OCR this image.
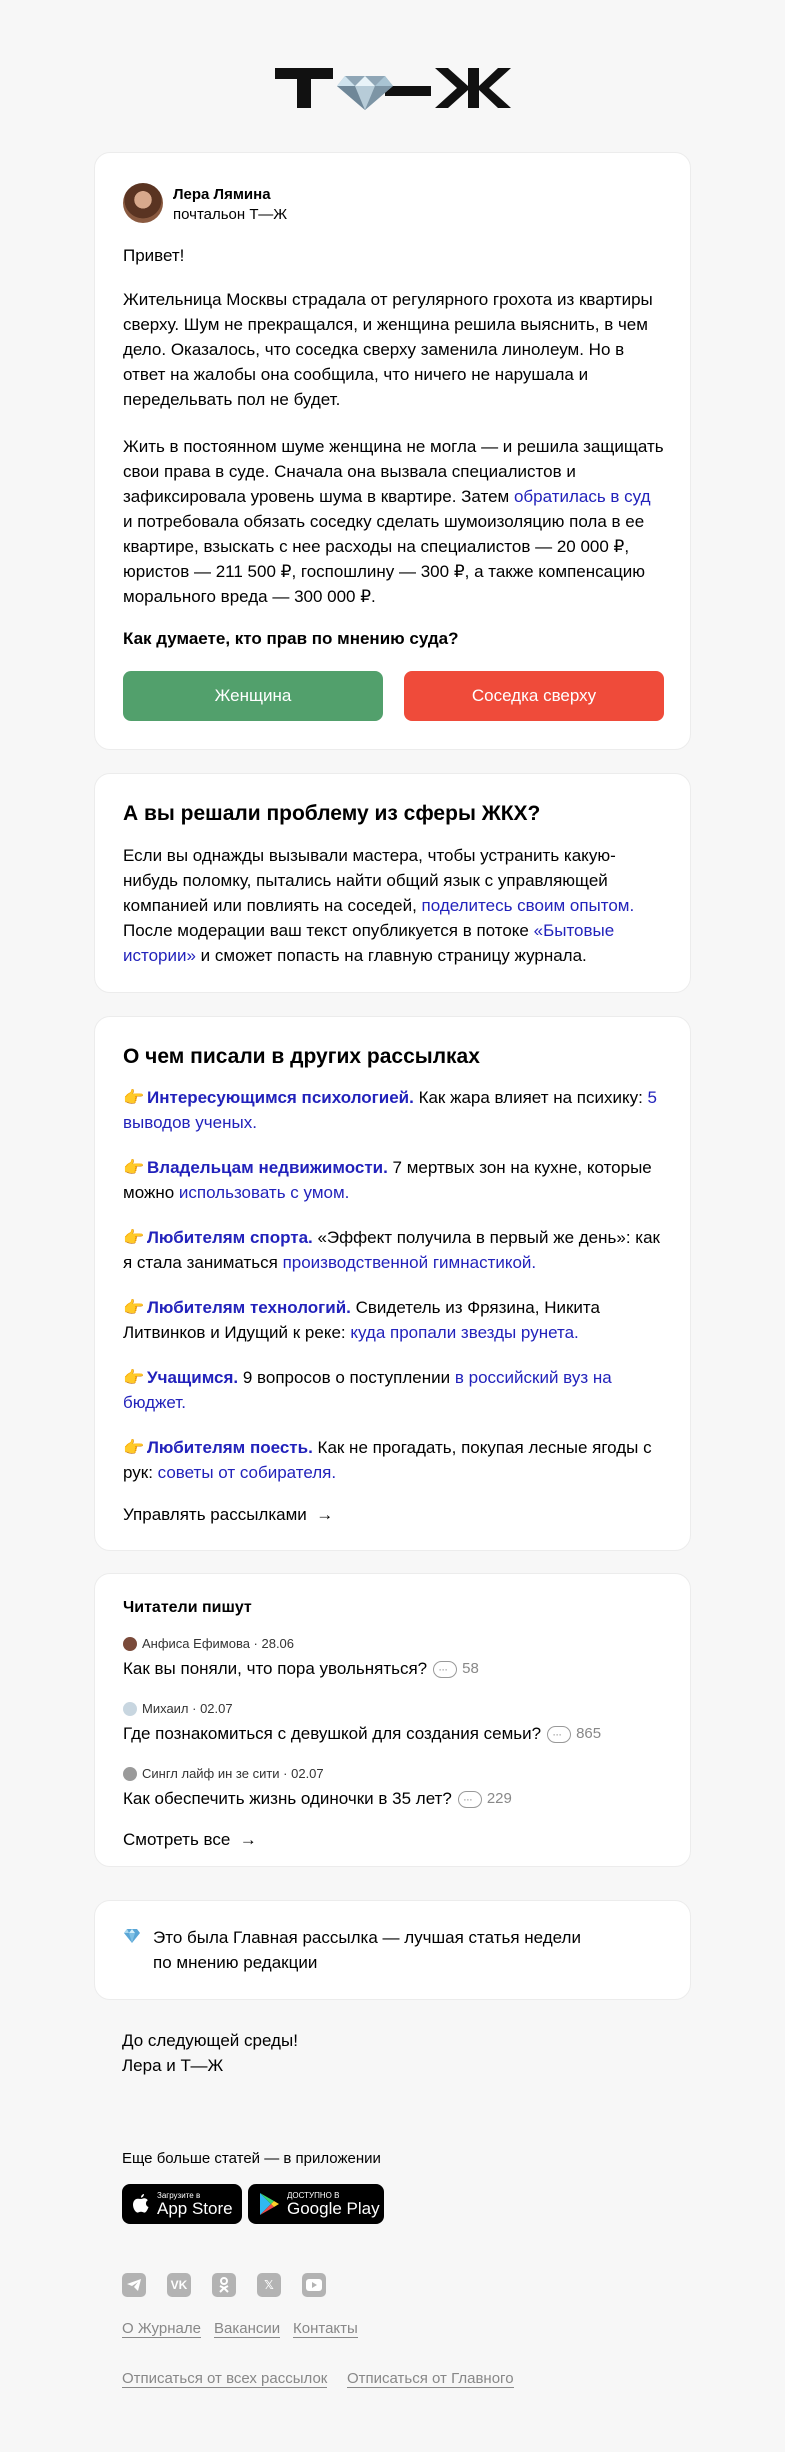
Лера Лямина
почтальон Т—Ж
Привет!
Жительница Москвы страдала от регулярного грохота из квартиры сверху. Шум не прекращался, и женщина решила выяснить, в чем дело. Оказалось, что соседка сверху заменила линолеум. Но в ответ на жалобы она сообщила, что ничего не нарушала и передельвать пол не будет.
Жить в постоянном шуме женщина не могла — и решила защищать свои права в суде. Сначала она вызвала специалистов и зафиксировала уровень шума в квартире. Затем обратилась в суд и потребовала обязать соседку сделать шумоизоляцию пола в ее квартире, взыскать с нее расходы на специалистов — 20 000 ₽, юристов — 211 500 ₽, госпошлину — 300 ₽, а также компенсацию морального вреда — 300 000 ₽.
Как думаете, кто прав по мнению суда?
Женщина	Соседка сверху
А вы решали проблему из сферы ЖКХ?
Если вы однажды вызывали мастера, чтобы устранить какую-нибудь поломку, пытались найти общий язык с управляющей компанией или повлиять на соседей, поделитесь своим опытом. После модерации ваш текст опубликуется в потоке «Бытовые истории» и сможет попасть на главную страницу журнала.
О чем писали в других рассылках
👉 Интересующимся психологией. Как жара влияет на психику: 5 выводов ученых.
👉 Владельцам недвижимости. 7 мертвых зон на кухне, которые можно использовать с умом.
👉 Любителям спорта. «Эффект получила в первый же день»: как я стала заниматься производственной гимнастикой.
👉 Любителям технологий. Свидетель из Фрязина, Никита Литвинков и Идущий к реке: куда пропали звезды рунета.
👉 Учащимся. 9 вопросов о поступлении в российский вуз на бюджет.
👉 Любителям поесть. Как не прогадать, покупая лесные ягоды с рук: советы от собирателя.
Управлять рассылками →
Читатели пишут
Анфиса Ефимова · 28.06
Как вы поняли, что пора увольняться? ··· 58
Михаил · 02.07
Где познакомиться с девушкой для создания семьи? ··· 865
Сингл лайф ин зе сити · 02.07
Как обеспечить жизнь одиночки в 35 лет? ··· 229
Смотреть все →
Это была Главная рассылка — лучшая статья недели по мнению редакции
До следующей среды!
Лера и Т—Ж
Еще больше статей — в приложении
Загрузите в
App Store
ДОСТУПНО В
Google Play
VK	𝕏
О Журнале Вакансии Контакты
Отписаться от всех рассылок Отписаться от Главного
